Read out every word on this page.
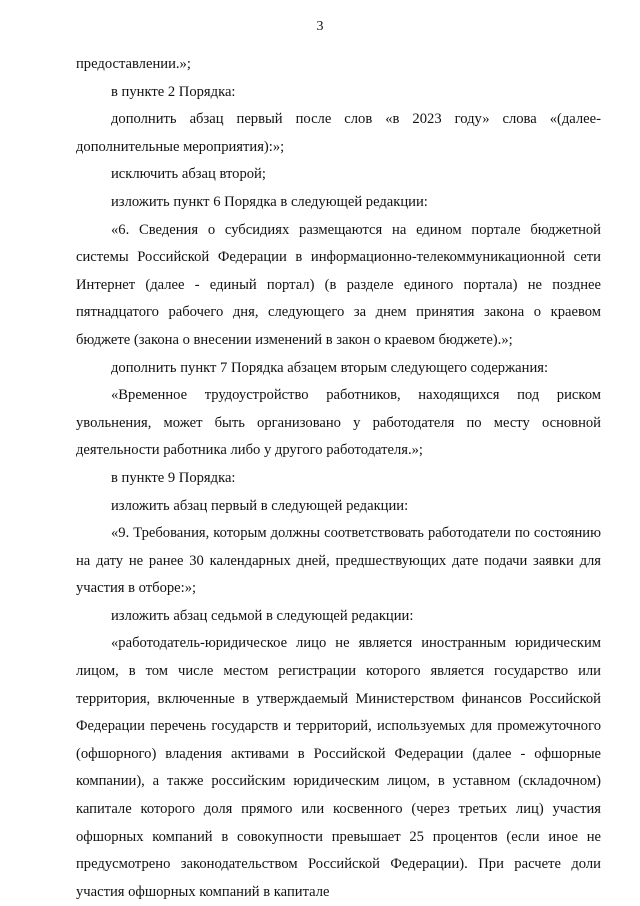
3

предоставлении.»;

в пункте 2 Порядка:

дополнить абзац первый после слов «в 2023 году» слова «(далее-дополнительные мероприятия):»;

исключить абзац второй;

изложить пункт 6 Порядка в следующей редакции:

«6. Сведения о субсидиях размещаются на едином портале бюджетной системы Российской Федерации в информационно-телекоммуникационной сети Интернет (далее - единый портал) (в разделе единого портала) не позднее пятнадцатого рабочего дня, следующего за днем принятия закона о краевом бюджете (закона о внесении изменений в закон о краевом бюджете).»;

дополнить пункт 7 Порядка абзацем вторым следующего содержания:

«Временное трудоустройство работников, находящихся под риском увольнения, может быть организовано у работодателя по месту основной деятельности работника либо у другого работодателя.»;

в пункте 9 Порядка:

изложить абзац первый в следующей редакции:

«9. Требования, которым должны соответствовать работодатели по состоянию на дату не ранее 30 календарных дней, предшествующих дате подачи заявки для участия в отборе:»;

изложить абзац седьмой в следующей редакции:

«работодатель-юридическое лицо не является иностранным юридическим лицом, в том числе местом регистрации которого является государство или территория, включенные в утверждаемый Министерством финансов Российской Федерации перечень государств и территорий, используемых для промежуточного (офшорного) владения активами в Российской Федерации (далее - офшорные компании), а также российским юридическим лицом, в уставном (складочном) капитале которого доля прямого или косвенного (через третьих лиц) участия офшорных компаний в совокупности превышает 25 процентов (если иное не предусмотрено законодательством Российской Федерации). При расчете доли участия офшорных компаний в капитале
